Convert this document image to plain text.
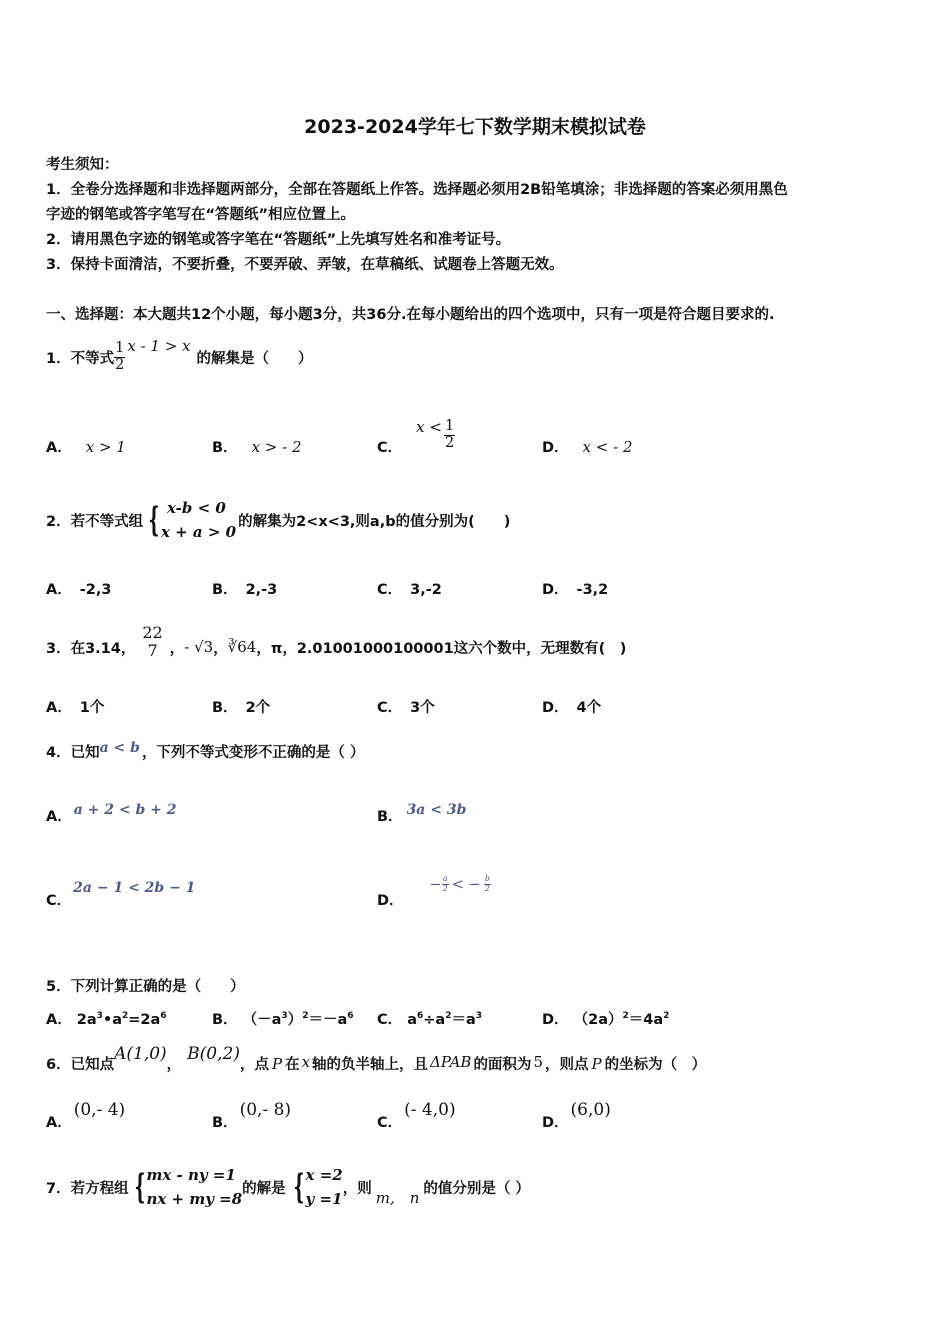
2023-2024学年七下数学期末模拟试卷
考生须知：
1．全卷分选择题和非选择题两部分，全部在答题纸上作答。选择题必须用2B铅笔填涂；非选择题的答案必须用黑色
字迹的钢笔或答字笔写在“答题纸”相应位置上。
2．请用黑色字迹的钢笔或答字笔在“答题纸”上先填写姓名和准考证号。
3．保持卡面清洁，不要折叠，不要弄破、弄皱，在草稿纸、试题卷上答题无效。
一、选择题：本大题共12个小题，每小题3分，共36分.在每小题给出的四个选项中，只有一项是符合题目要求的.
1．不等式 $\frac{1}{2}$ x - 1 > x
的解集是（　　）
A． x > 1	B． x > - 2	C．
$x < \frac{1}{2}$	D． x < - 2
2．若不等式组 { x-b < 0
x + a > 0
的解集为2<x<3,则a,b的值分别为(　　)
A． -2,3	B． 2,-3	C． 3,-2	D． -3,2
3．在3.14，
22
7 ， - √3 ， ∛64 ，π，2.01001000100001这六个数中，无理数有(　)
A． 1个	B． 2个	C． 3个	D． 4个
4．已知 a < b ，下列不等式变形不正确的是（ ）
A． a + 2 < b + 2	B． 3a < 3b
C．
2a − 1 < 2b − 1
D．
− $\frac{a}{2}$ < − $\frac{b}{2}$
5．下列计算正确的是（　　）
A． $2a^3•a^2=2a^6$	B． $(-a^3)^2=-a^6$ C． $a^6\div a^2=a^3$	D． $(2a)^2=4a^2$
6．已知点
A(1,0)
，
B(0,2)
，点 P 在 x 轴的负半轴上，且 ΔPAB 的面积为 5 ，则点 P 的坐标为（　）
A．
(0,- 4)
B．
(0,- 8)
C．
(- 4,0)
D．
(6,0)
7．若方程组 { mx - ny =1
nx + my =8
的解是 { x =2
y =1
，则 m,　n 的值分别是（ ）
